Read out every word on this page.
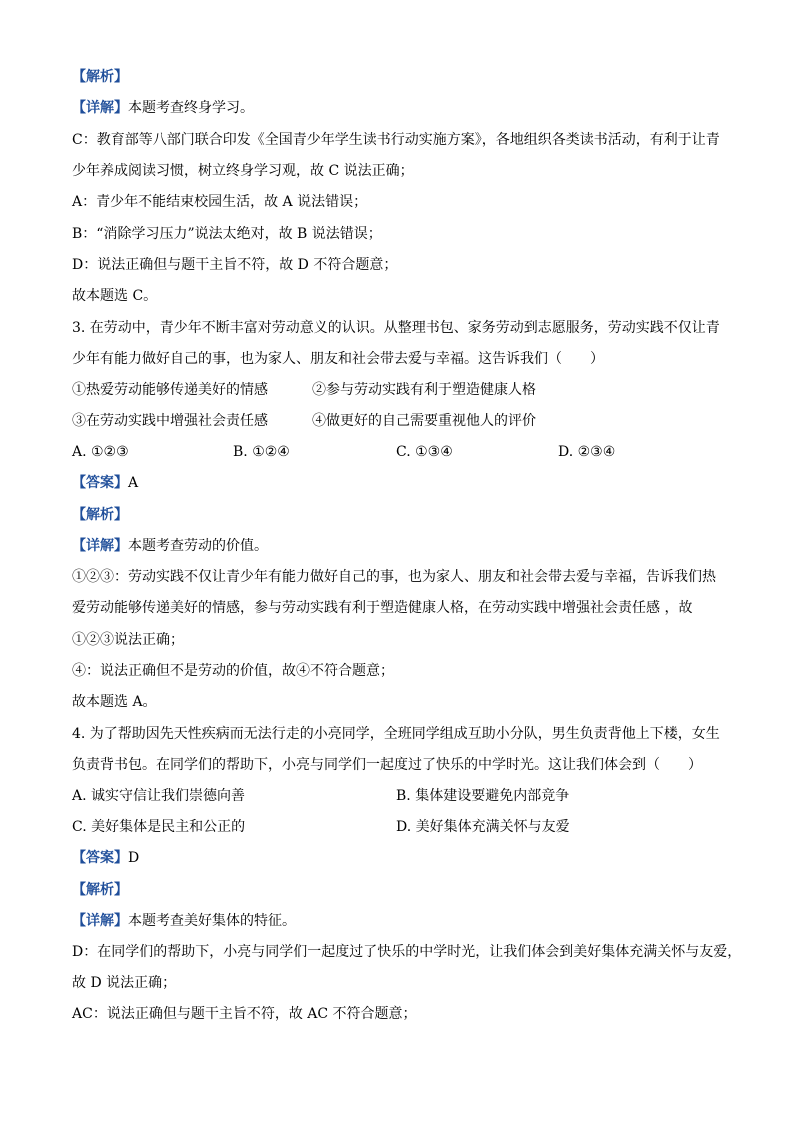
【解析】
【详解】本题考查终身学习。
C：教育部等八部门联合印发《全国青少年学生读书行动实施方案》，各地组织各类读书活动，有利于让青
少年养成阅读习惯，树立终身学习观，故 C 说法正确；
A：青少年不能结束校园生活，故 A 说法错误；
B：“消除学习压力”说法太绝对，故 B 说法错误；
D：说法正确但与题干主旨不符，故 D 不符合题意；
故本题选 C。
3. 在劳动中，青少年不断丰富对劳动意义的认识。从整理书包、家务劳动到志愿服务，劳动实践不仅让青
少年有能力做好自己的事，也为家人、朋友和社会带去爱与幸福。这告诉我们（　　）
①热爱劳动能够传递美好的情感	②参与劳动实践有利于塑造健康人格
③在劳动实践中增强社会责任感	④做更好的自己需要重视他人的评价
A. ①②③	B. ①②④	C. ①③④	D. ②③④
【答案】A
【解析】
【详解】本题考查劳动的价值。
①②③：劳动实践不仅让青少年有能力做好自己的事，也为家人、朋友和社会带去爱与幸福，告诉我们热
爱劳动能够传递美好的情感，参与劳动实践有利于塑造健康人格，在劳动实践中增强社会责任感 ，故
①②③说法正确；
④：说法正确但不是劳动的价值，故④不符合题意；
故本题选 A。
4. 为了帮助因先天性疾病而无法行走的小亮同学，全班同学组成互助小分队，男生负责背他上下楼，女生
负责背书包。在同学们的帮助下，小亮与同学们一起度过了快乐的中学时光。这让我们体会到（　　）
A. 诚实守信让我们崇德向善	B. 集体建设要避免内部竞争
C. 美好集体是民主和公正的	D. 美好集体充满关怀与友爱
【答案】D
【解析】
【详解】本题考查美好集体的特征。
D：在同学们的帮助下，小亮与同学们一起度过了快乐的中学时光，让我们体会到美好集体充满关怀与友爱，
故 D 说法正确；
AC：说法正确但与题干主旨不符，故 AC 不符合题意；
